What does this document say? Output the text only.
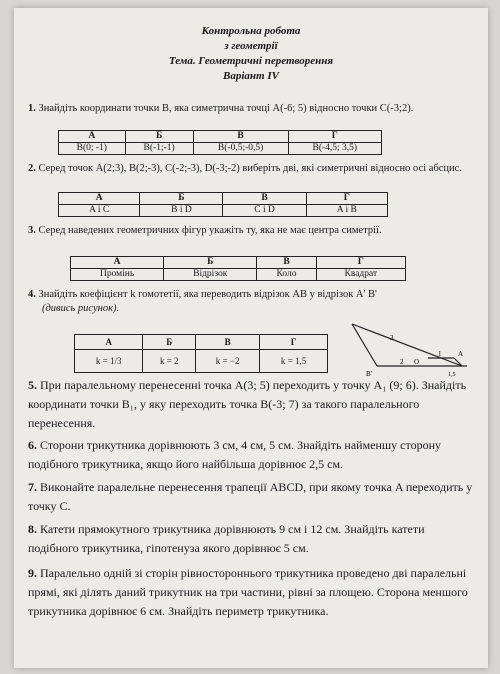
Контрольна робота
з геометрії
Тема. Геометричні перетворення
Варіант IV
1. Знайдіть координати точки B, яка симетрична точці A(-6; 5) відносно точки C(-3;2).
А	Б	В	Г
B(0; -1)	B(-1;-1)	B(-0,5;-0,5)	B(-4,5; 3,5)
2. Серед точок A(2;3), B(2;-3), C(-2;-3), D(-3;-2) виберіть дві, які симетричні відносно осі абсцис.
А	Б	В	Г
A і C	B і D	C і D	A і B
3. Серед наведених геометричних фігур укажіть ту, яка не має центра симетрії.
А	Б	В	Г
Промінь	Відрізок	Коло	Квадрат
4. Знайдіть коефіцієнт k гомотетії, яка переводить відрізок AB у відрізок A' B'
(дивись рисунок).
А	Б	В	Г
k = 1/3	k = 2	k = −2	k = 1,5
3
B'
2 O
1 A
1,5
5. При паралельному перенесенні точка A(3; 5) переходить у точку A₁ (9; 6). Знайдіть координати точки B₁, у яку переходить точка B(-3; 7) за такого паралельного перенесення.
6. Сторони трикутника дорівнюють 3 см, 4 см, 5 см. Знайдіть найменшу сторону подібного трикутника, якщо його найбільша дорівнює 2,5 см.
7. Виконайте паралельне перенесення трапеції ABCD, при якому точка A переходить у точку C.
8. Катети прямокутного трикутника дорівнюють 9 см і 12 см. Знайдіть катети подібного трикутника, гіпотенуза якого дорівнює 5 см.
9. Паралельно одній зі сторін рівностороннього трикутника проведено дві паралельні прямі, які ділять даний трикутник на три частини, рівні за площею. Сторона меншого трикутника дорівнює 6 см. Знайдіть периметр трикутника.
